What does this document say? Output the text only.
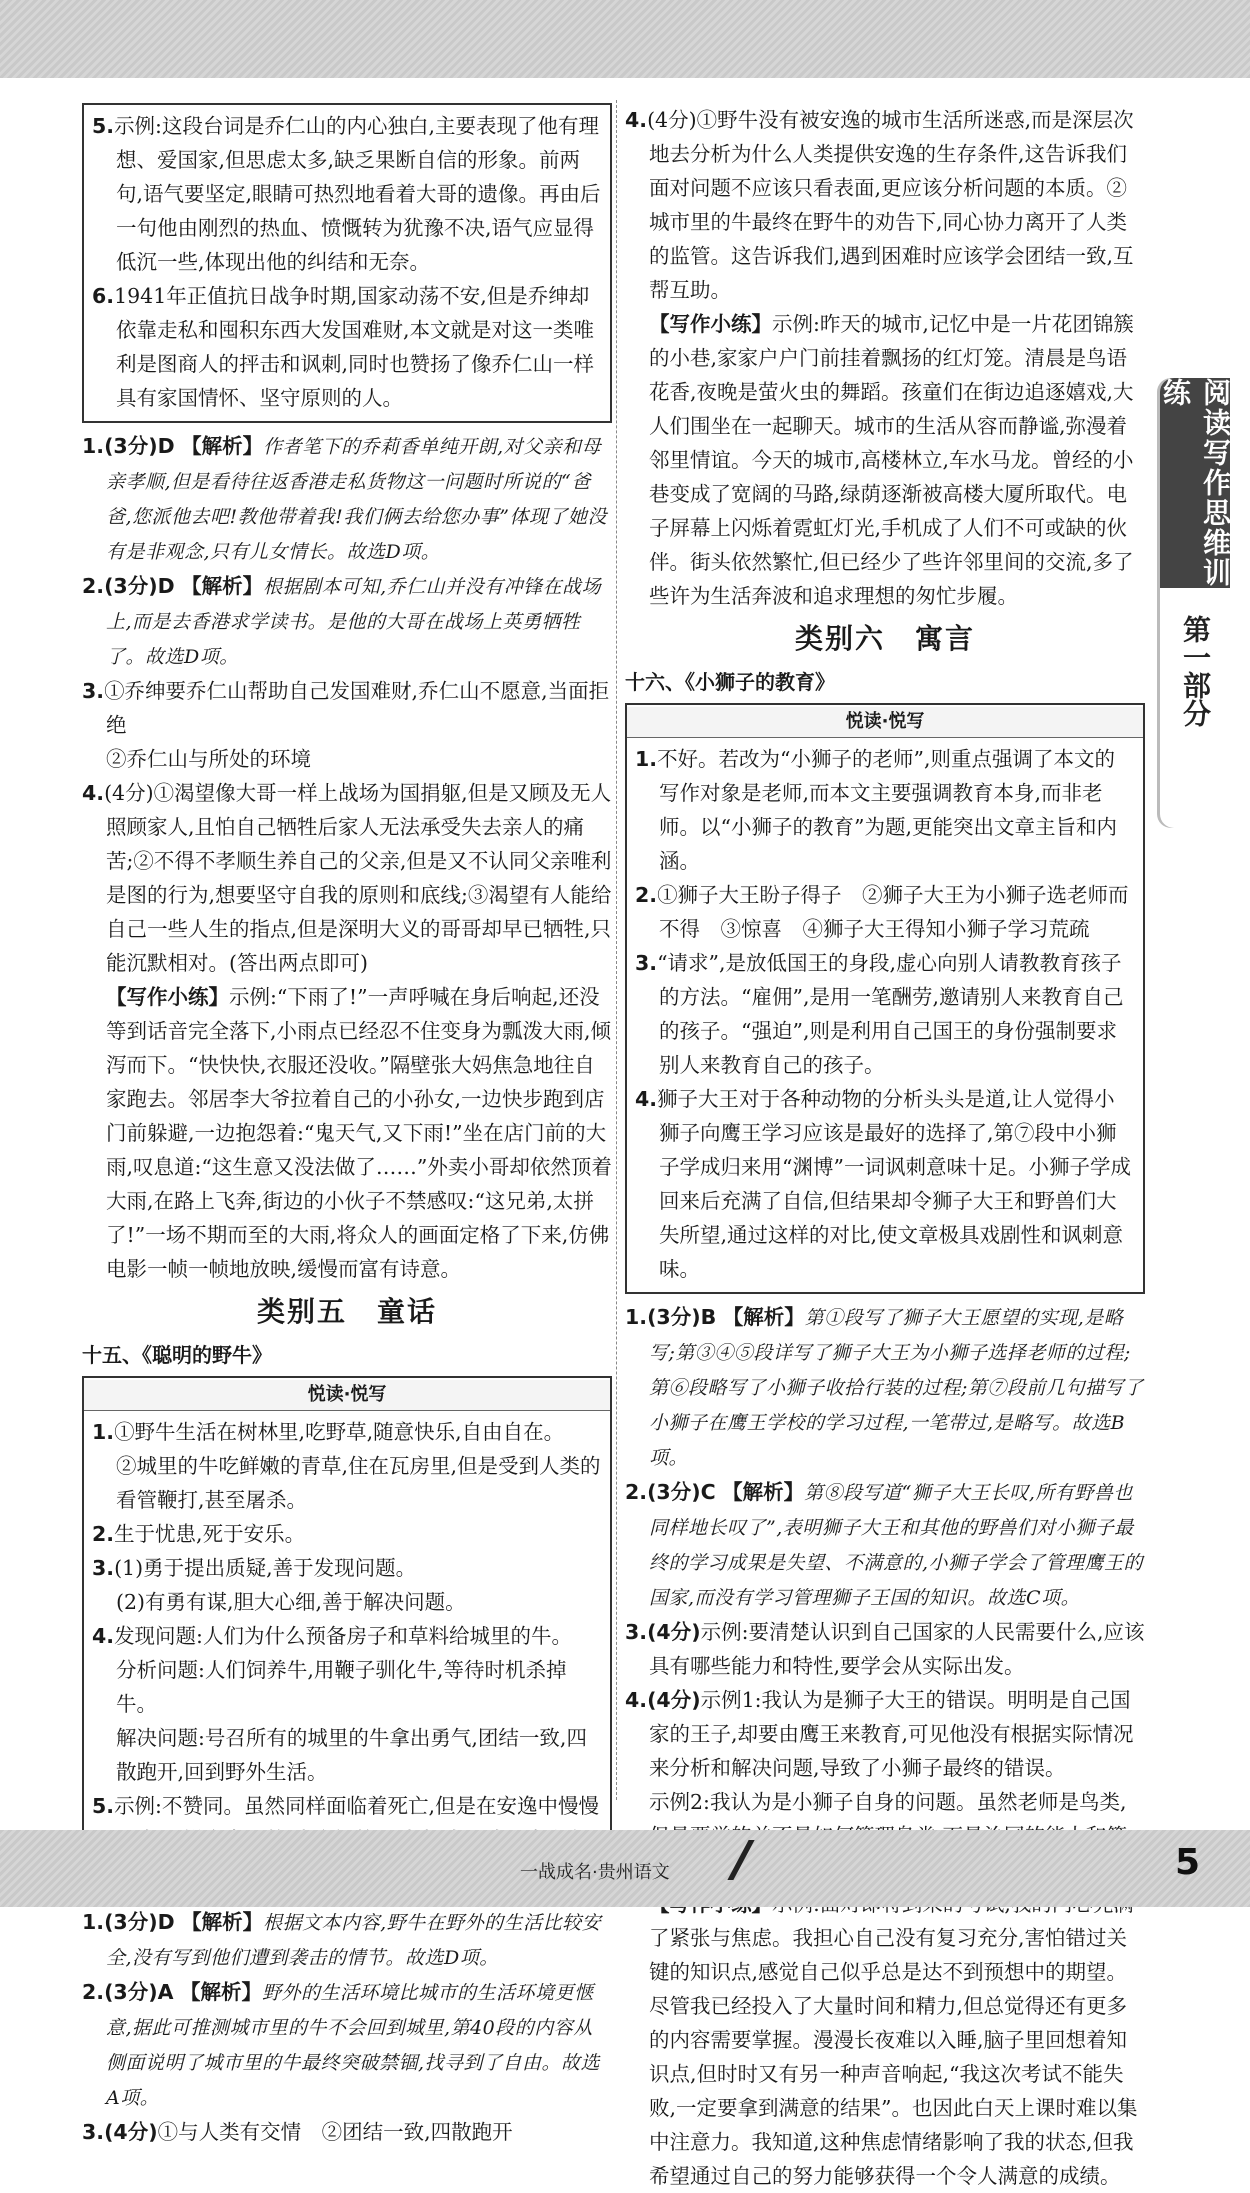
5.示例:这段台词是乔仁山的内心独白,主要表现了他有理想、爱国家,但思虑太多,缺乏果断自信的形象。前两句,语气要坚定,眼睛可热烈地看着大哥的遗像。再由后一句他由刚烈的热血、愤慨转为犹豫不决,语气应显得低沉一些,体现出他的纠结和无奈。

6.1941年正值抗日战争时期,国家动荡不安,但是乔绅却依靠走私和囤积东西大发国难财,本文就是对这一类唯利是图商人的抨击和讽刺,同时也赞扬了像乔仁山一样具有家国情怀、坚守原则的人。

1.(3分)D 【解析】作者笔下的乔莉香单纯开朗,对父亲和母亲孝顺,但是看待往返香港走私货物这一问题时所说的“爸爸,您派他去吧!教他带着我!我们俩去给您办事”体现了她没有是非观念,只有儿女情长。故选D项。

2.(3分)D 【解析】根据剧本可知,乔仁山并没有冲锋在战场上,而是去香港求学读书。是他的大哥在战场上英勇牺牲了。故选D项。

3.①乔绅要乔仁山帮助自己发国难财,乔仁山不愿意,当面拒绝

②乔仁山与所处的环境

4.(4分)①渴望像大哥一样上战场为国捐躯,但是又顾及无人照顾家人,且怕自己牺牲后家人无法承受失去亲人的痛苦;②不得不孝顺生养自己的父亲,但是又不认同父亲唯利是图的行为,想要坚守自我的原则和底线;③渴望有人能给自己一些人生的指点,但是深明大义的哥哥却早已牺牲,只能沉默相对。(答出两点即可)

【写作小练】示例:“下雨了!”一声呼喊在身后响起,还没等到话音完全落下,小雨点已经忍不住变身为瓢泼大雨,倾泻而下。“快快快,衣服还没收。”隔壁张大妈焦急地往自家跑去。邻居李大爷拉着自己的小孙女,一边快步跑到店门前躲避,一边抱怨着:“鬼天气,又下雨!”坐在店门前的大雨,叹息道:“这生意又没法做了……”外卖小哥却依然顶着大雨,在路上飞奔,街边的小伙子不禁感叹:“这兄弟,太拼了!”一场不期而至的大雨,将众人的画面定格了下来,仿佛电影一帧一帧地放映,缓慢而富有诗意。

类别五　童话
十五、《聪明的野牛》
悦读·悦写

1.①野牛生活在树林里,吃野草,随意快乐,自由自在。

②城里的牛吃鲜嫩的青草,住在瓦房里,但是受到人类的看管鞭打,甚至屠杀。

2.生于忧患,死于安乐。

3.(1)勇于提出质疑,善于发现问题。

(2)有勇有谋,胆大心细,善于解决问题。

4.发现问题:人们为什么预备房子和草料给城里的牛。

分析问题:人们饲养牛,用鞭子驯化牛,等待时机杀掉牛。

解决问题:号召所有的城里的牛拿出勇气,团结一致,四散跑开,回到野外生活。

5.示例:不赞同。虽然同样面临着死亡,但是在安逸中慢慢

1.(3分)D 【解析】根据文本内容,野牛在野外的生活比较安全,没有写到他们遭到袭击的情节。故选D项。

2.(3分)A 【解析】野外的生活环境比城市的生活环境更惬意,据此可推测城市里的牛不会回到城里,第40段的内容从侧面说明了城市里的牛最终突破禁锢,找寻到了自由。故选A项。

3.(4分)①与人类有交情　②团结一致,四散跑开

4.(4分)①野牛没有被安逸的城市生活所迷惑,而是深层次地去分析为什么人类提供安逸的生存条件,这告诉我们面对问题不应该只看表面,更应该分析问题的本质。②城市里的牛最终在野牛的劝告下,同心协力离开了人类的监管。这告诉我们,遇到困难时应该学会团结一致,互帮互助。

【写作小练】示例:昨天的城市,记忆中是一片花团锦簇的小巷,家家户户门前挂着飘扬的红灯笼。清晨是鸟语花香,夜晚是萤火虫的舞蹈。孩童们在街边追逐嬉戏,大人们围坐在一起聊天。城市的生活从容而静谧,弥漫着邻里情谊。今天的城市,高楼林立,车水马龙。曾经的小巷变成了宽阔的马路,绿荫逐渐被高楼大厦所取代。电子屏幕上闪烁着霓虹灯光,手机成了人们不可或缺的伙伴。街头依然繁忙,但已经少了些许邻里间的交流,多了些许为生活奔波和追求理想的匆忙步履。

类别六　寓言
十六、《小狮子的教育》
悦读·悦写

1.不好。若改为“小狮子的老师”,则重点强调了本文的写作对象是老师,而本文主要强调教育本身,而非老师。以“小狮子的教育”为题,更能突出文章主旨和内涵。

2.①狮子大王盼子得子　②狮子大王为小狮子选老师而不得　③惊喜　④狮子大王得知小狮子学习荒疏

3.“请求”,是放低国王的身段,虚心向别人请教教育孩子的方法。“雇佣”,是用一笔酬劳,邀请别人来教育自己的孩子。“强迫”,则是利用自己国王的身份强制要求别人来教育自己的孩子。

4.狮子大王对于各种动物的分析头头是道,让人觉得小狮子向鹰王学习应该是最好的选择了,第⑦段中小狮子学成归来用“渊博”一词讽刺意味十足。小狮子学成回来后充满了自信,但结果却令狮子大王和野兽们大失所望,通过这样的对比,使文章极具戏剧性和讽刺意味。

1.(3分)B 【解析】第①段写了狮子大王愿望的实现,是略写;第③④⑤段详写了狮子大王为小狮子选择老师的过程;第⑥段略写了小狮子收拾行装的过程;第⑦段前几句描写了小狮子在鹰王学校的学习过程,一笔带过,是略写。故选B项。

2.(3分)C 【解析】第⑧段写道“狮子大王长叹,所有野兽也同样地长叹了”,表明狮子大王和其他的野兽们对小狮子最终的学习成果是失望、不满意的,小狮子学会了管理鹰王的国家,而没有学习管理狮子王国的知识。故选C项。

3.(4分)示例:要清楚认识到自己国家的人民需要什么,应该具有哪些能力和特性,要学会从实际出发。

4.(4分)示例1:我认为是狮子大王的错误。明明是自己国家的王子,却要由鹰王来教育,可见他没有根据实际情况来分析和解决问题,导致了小狮子最终的错误。

示例2:我认为是小狮子自身的问题。虽然老师是鸟类,

了紧张与焦虑。我担心自己没有复习充分,害怕错过关键的知识点,感觉自己似乎总是达不到预想中的期望。尽管我已经投入了大量时间和精力,但总觉得还有更多的内容需要掌握。漫漫长夜难以入睡,脑子里回想着知识点,但时时又有另一种声音响起,“我这次考试不能失败,一定要拿到满意的结果”。也因此白天上课时难以集中注意力。我知道,这种焦虑情绪影响了我的状态,但我希望通过自己的努力能够获得一个令人满意的成绩。

阅读写作思维训练
第一部分
一战成名·贵州语文	5
